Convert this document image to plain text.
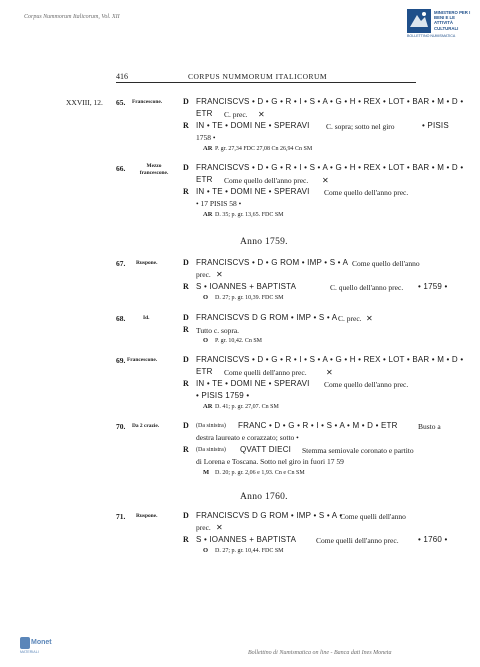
Corpus Nummorum Italicorum, Vol. XII
MINISTERO PER I BENI E LE ATTIVITÀ CULTURALI
BOLLETTINO NUMISMATICA
416	CORPUS NUMMORUM ITALICORUM
XXVIII, 12. 65. Francescone.	D FRANCISCVS • D • G • R • I • S • A • G • H • REX • LOT • BAR • M • D •
ETR C. prec. ✕
R IN • TE • DOMI NE • SPERAVI C. sopra; sotto nel giro	• PISIS
1758 •
AR P. gr. 27,34 FDC 27,08 Cn 26,94 Cn SM
66.	Mezzo
francescone.
D FRANCISCVS • D • G • R • I • S • A • G • H • REX • LOT • BAR • M • D •
ETR Come quello dell'anno prec. ✕
R IN • TE • DOMI NE • SPERAVI Come quello dell'anno prec.
• 17 PISIS 58 •
AR D. 35; p. gr. 13,65. FDC SM
Anno 1759.
67. Ruspone.	D FRANCISCVS • D • G ROM • IMP • S • A Come quello dell'anno
prec. ✕
R S • IOANNES + BAPTISTA	C. quello dell'anno prec. • 1759 •
O D. 27; p. gr. 10,39. FDC SM
68.	Id.	D FRANCISCVS D G ROM • IMP • S • A C. prec. ✕
R Tutto c. sopra.
O P. gr. 10,42. Cn SM
69. Francescone.	D FRANCISCVS • D • G • R • I • S • A • G • H • REX • LOT • BAR • M • D •
ETR Come quelli dell'anno prec. ✕
R IN • TE • DOMI NE • SPERAVI Come quello dell'anno prec.
• PISIS 1759 •
AR D. 41; p. gr. 27,07. Cn SM
70. Da 2 crazie.	D (Da sinistra) FRANC • D • G • R • I • S • A • M • D • ETR	Busto a
destra laureato e corazzato; sotto •
R (Da sinistra) QVATT DIECI Stemma semiovale coronato e partito
di Lorena e Toscana. Sotto nel giro in fuori 17 59
M D. 20; p. gr. 2,06 e 1,93. Cn e Cn SM
Anno 1760.
71. Ruspone.	D FRANCISCVS D G ROM • IMP • S • A •
Come quelli dell'anno
prec. ✕
R S • IOANNES + BAPTISTA	Come quelli dell'anno prec. • 1760 •
O D. 27; p. gr. 10,44. FDC SM
Monet
MATERIALI	Bollettino di Numismatica on line - Banca dati Ines Moneta
